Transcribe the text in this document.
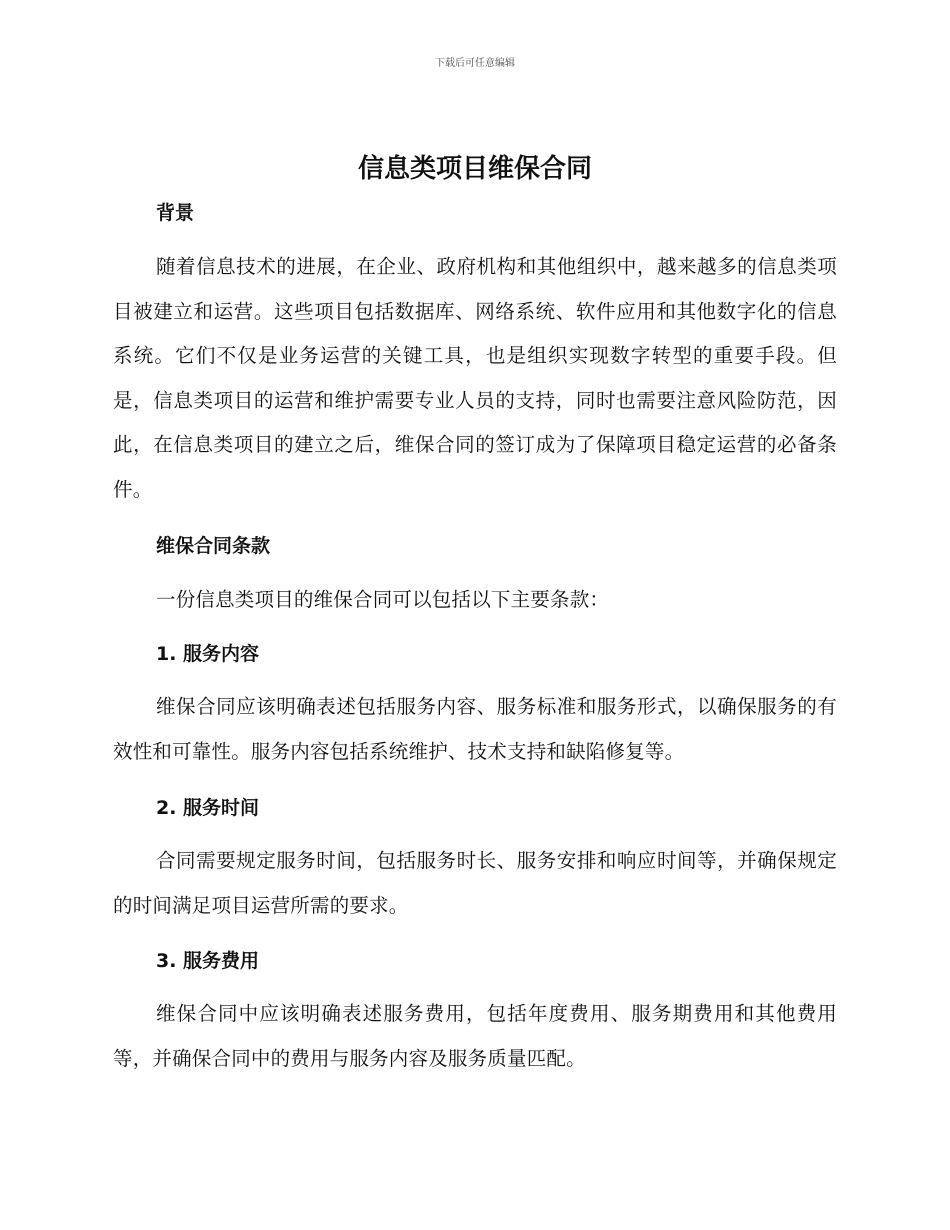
下载后可任意编辑
信息类项目维保合同
背景

随着信息技术的进展，在企业、政府机构和其他组织中，越来越多的信息类项目被建立和运营。这些项目包括数据库、网络系统、软件应用和其他数字化的信息系统。它们不仅是业务运营的关键工具，也是组织实现数字转型的重要手段。但是，信息类项目的运营和维护需要专业人员的支持，同时也需要注意风险防范，因此，在信息类项目的建立之后，维保合同的签订成为了保障项目稳定运营的必备条件。

维保合同条款

一份信息类项目的维保合同可以包括以下主要条款：

1. 服务内容

维保合同应该明确表述包括服务内容、服务标准和服务形式，以确保服务的有效性和可靠性。服务内容包括系统维护、技术支持和缺陷修复等。

2. 服务时间

合同需要规定服务时间，包括服务时长、服务安排和响应时间等，并确保规定的时间满足项目运营所需的要求。

3. 服务费用

维保合同中应该明确表述服务费用，包括年度费用、服务期费用和其他费用等，并确保合同中的费用与服务内容及服务质量匹配。
